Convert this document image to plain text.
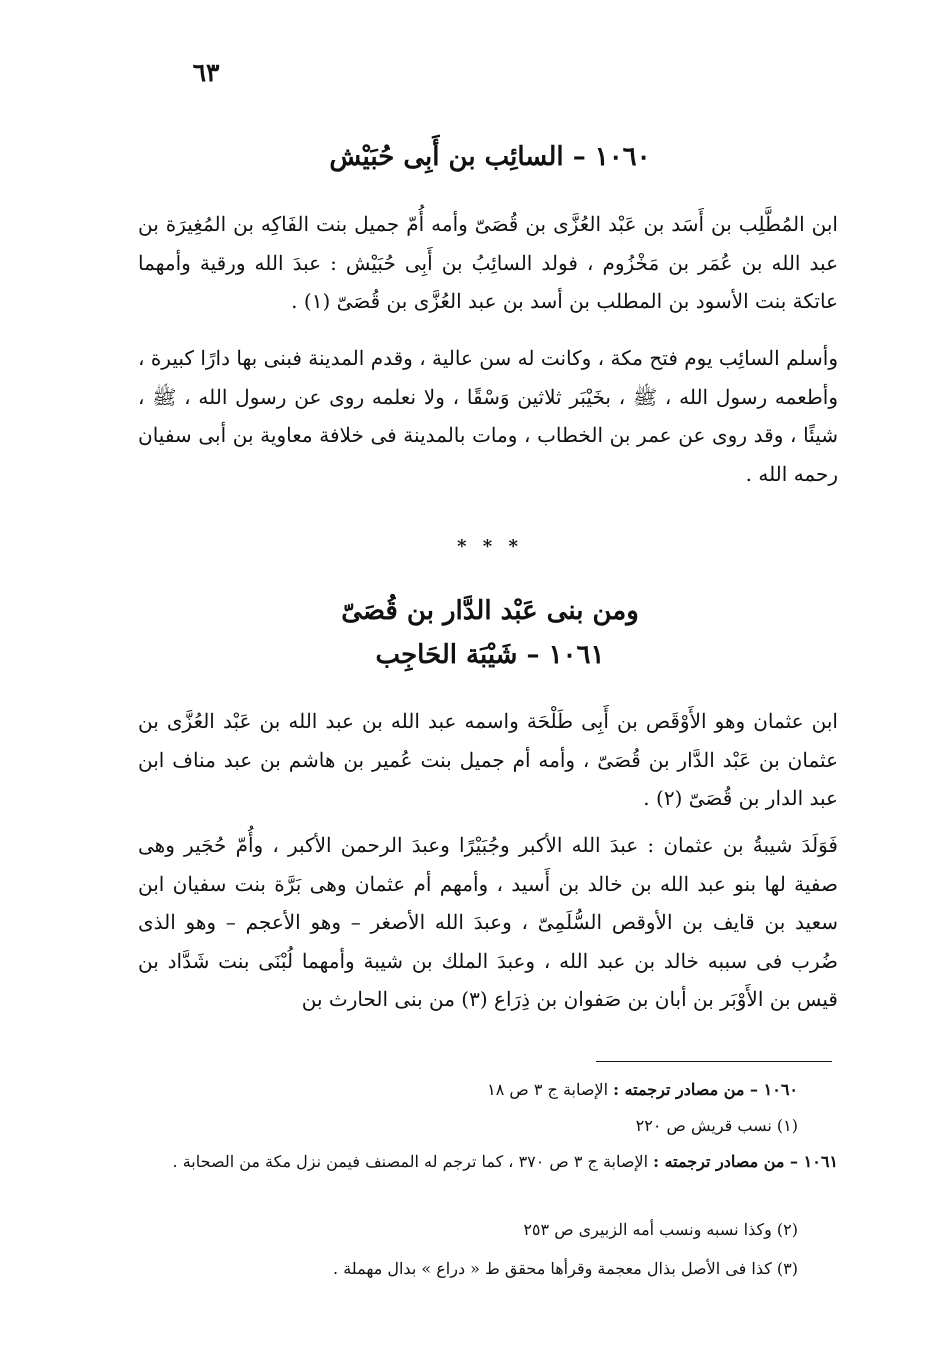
٦٣
١٠٦٠ – السائِب بن أَبِى حُبَيْش
ابن المُطَّلِب بن أَسَد بن عَبْد العُزَّى بن قُصَىّ وأمه أُمّ جميل بنت الفَاكِه بن المُغِيرَة بن عبد الله بن عُمَر بن مَخْزُوم ، فولد السائِبُ بن أَبِى حُبَيْش : عبدَ الله ورقية وأمهما عاتكة بنت الأسود بن المطلب بن أسد بن عبد العُزَّى بن قُصَىّ (١) .
وأسلم السائِب يوم فتح مكة ، وكانت له سن عالية ، وقدم المدينة فبنى بها دارًا كبيرة ، وأطعمه رسول الله ، ﷺ ، بخَيْبَر ثلاثين وَسْقًا ، ولا نعلمه روى عن رسول الله ، ﷺ ، شيئًا ، وقد روى عن عمر بن الخطاب ، ومات بالمدينة فى خلافة معاوية بن أبى سفيان رحمه الله .
* * *
ومن بنى عَبْد الدَّار بن قُصَىّ
١٠٦١ – شَيْبَة الحَاجِب
ابن عثمان وهو الأَوْقَص بن أَبِى طَلْحَة واسمه عبد الله بن عبد الله بن عَبْد العُزَّى بن عثمان بن عَبْد الدَّار بن قُصَىّ ، وأمه أم جميل بنت عُمير بن هاشم بن عبد مناف ابن عبد الدار بن قُصَىّ (٢) .
فَوَلَدَ شيبةُ بن عثمان : عبدَ الله الأكبر وجُبَيْرًا وعبدَ الرحمن الأكبر ، وأُمّ حُجَير وهى صفية لها بنو عبد الله بن خالد بن أَسيد ، وأمهم أم عثمان وهى بَرَّة بنت سفيان ابن سعيد بن قايف بن الأوقص السُّلَمِىّ ، وعبدَ الله الأصغر – وهو الأعجم – وهو الذى ضُرب فى سببه خالد بن عبد الله ، وعبدَ الملك بن شيبة وأمهما لُبْنَى بنت شَدَّاد بن قيس بن الأَوْبَر بن أبان بن صَفوان بن ذِرَاع (٣) من بنى الحارث بن
١٠٦٠ – من مصادر ترجمته : الإصابة ج ٣ ص ١٨
(١) نسب قريش ص ٢٢٠
١٠٦١ – من مصادر ترجمته : الإصابة ج ٣ ص ٣٧٠ ، كما ترجم له المصنف فيمن نزل مكة من الصحابة .
(٢) وكذا نسبه ونسب أمه الزبيرى ص ٢٥٣
(٣) كذا فى الأصل بذال معجمة وقرأها محقق ط « دراع » بدال مهملة .
